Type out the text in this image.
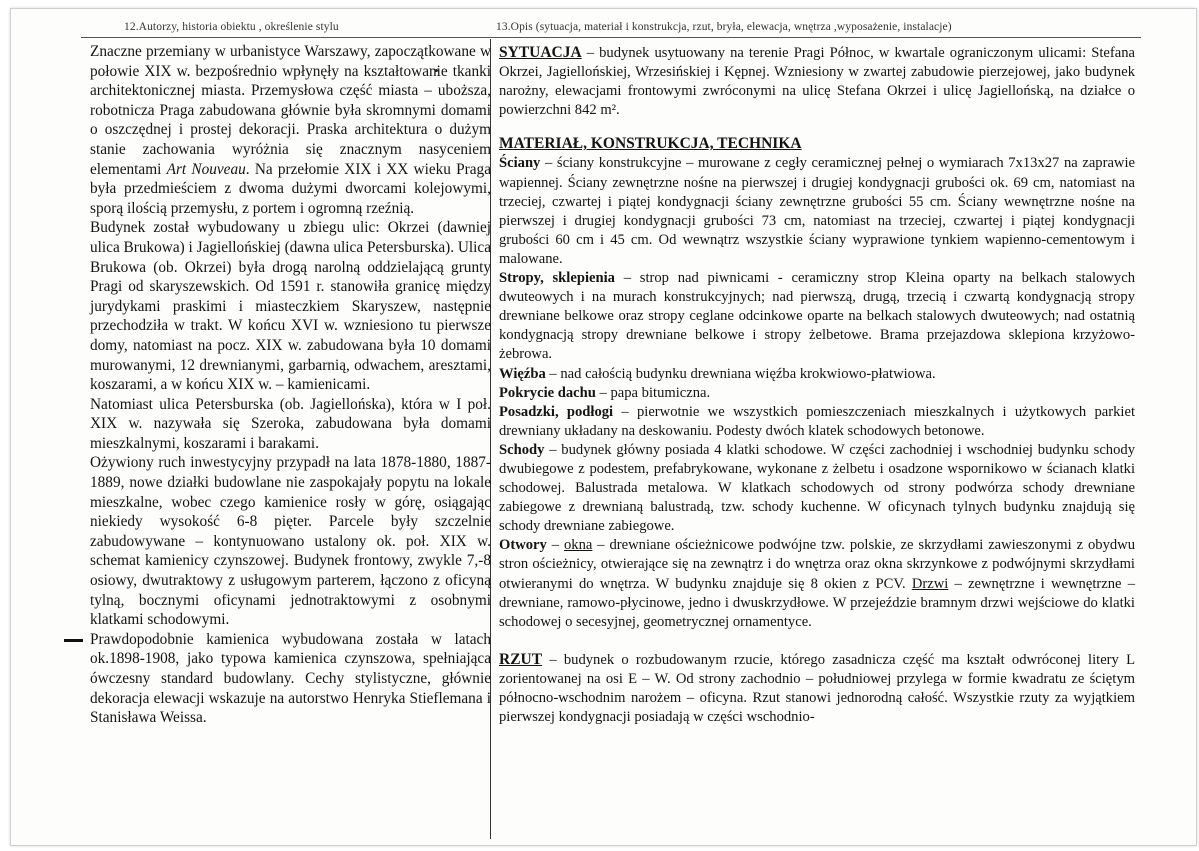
12.Autorzy, historia obiektu , określenie stylu	13.Opis (sytuacja, materiał i konstrukcja, rzut, bryła, elewacja, wnętrza ,wyposażenie, instalacje)

Znaczne przemiany w urbanistyce Warszawy, zapoczątkowane w połowie XIX w. bezpośrednio wpłynęły na kształtowanie tkanki architektonicznej miasta. Przemysłowa część miasta – uboższa, robotnicza Praga zabudowana głównie była skromnymi domami o oszczędnej i prostej dekoracji. Praska architektura o dużym stanie zachowania wyróżnia się znacznym nasyceniem elementami Art Nouveau. Na przełomie XIX i XX wieku Praga była przedmieściem z dwoma dużymi dworcami kolejowymi, sporą ilością przemysłu, z portem i ogromną rzeźnią.

Budynek został wybudowany u zbiegu ulic: Okrzei (dawniej ulica Brukowa) i Jagiellońskiej (dawna ulica Petersburska). Ulica Brukowa (ob. Okrzei) była drogą narolną oddzielającą grunty Pragi od skaryszewskich. Od 1591 r. stanowiła granicę między jurydykami praskimi i miasteczkiem Skaryszew, następnie przechodziła w trakt. W końcu XVI w. wzniesiono tu pierwsze domy, natomiast na pocz. XIX w. zabudowana była 10 domami murowanymi, 12 drewnianymi, garbarnią, odwachem, aresztami, koszarami, a w końcu XIX w. – kamienicami.

Natomiast ulica Petersburska (ob. Jagiellońska), która w I poł. XIX w. nazywała się Szeroka, zabudowana była domami mieszkalnymi, koszarami i barakami.

Ożywiony ruch inwestycyjny przypadł na lata 1878-1880, 1887-1889, nowe działki budowlane nie zaspokajały popytu na lokale mieszkalne, wobec czego kamienice rosły w górę, osiągając niekiedy wysokość 6-8 pięter. Parcele były szczelnie zabudowywane – kontynuowano ustalony ok. poł. XIX w. schemat kamienicy czynszowej. Budynek frontowy, zwykle 7,-8 osiowy, dwutraktowy z usługowym parterem, łączono z oficyną tylną, bocznymi oficynami jednotraktowymi z osobnymi klatkami schodowymi.

Prawdopodobnie kamienica wybudowana została w latach ok.1898-1908, jako typowa kamienica czynszowa, spełniająca ówczesny standard budowlany. Cechy stylistyczne, głównie dekoracja elewacji wskazuje na autorstwo Henryka Stieflemana i Stanisława Weissa.

SYTUACJA – budynek usytuowany na terenie Pragi Północ, w kwartale ograniczonym ulicami: Stefana Okrzei, Jagiellońskiej, Wrzesińskiej i Kępnej. Wzniesiony w zwartej zabudowie pierzejowej, jako budynek narożny, elewacjami frontowymi zwróconymi na ulicę Stefana Okrzei i ulicę Jagiellońską, na działce o powierzchni 842 m².

MATERIAŁ, KONSTRUKCJA, TECHNIKA

Ściany – ściany konstrukcyjne – murowane z cegły ceramicznej pełnej o wymiarach 7x13x27 na zaprawie wapiennej. Ściany zewnętrzne nośne na pierwszej i drugiej kondygnacji grubości ok. 69 cm, natomiast na trzeciej, czwartej i piątej kondygnacji ściany zewnętrzne grubości 55 cm. Ściany wewnętrzne nośne na pierwszej i drugiej kondygnacji grubości 73 cm, natomiast na trzeciej, czwartej i piątej kondygnacji grubości 60 cm i 45 cm. Od wewnątrz wszystkie ściany wyprawione tynkiem wapienno-cementowym i malowane.

Stropy, sklepienia – strop nad piwnicami - ceramiczny strop Kleina oparty na belkach stalowych dwuteowych i na murach konstrukcyjnych; nad pierwszą, drugą, trzecią i czwartą kondygnacją stropy drewniane belkowe oraz stropy ceglane odcinkowe oparte na belkach stalowych dwuteowych; nad ostatnią kondygnacją stropy drewniane belkowe i stropy żelbetowe. Brama przejazdowa sklepiona krzyżowo-żebrowa.

Więźba – nad całością budynku drewniana więźba krokwiowo-płatwiowa.

Pokrycie dachu – papa bitumiczna.

Posadzki, podłogi – pierwotnie we wszystkich pomieszczeniach mieszkalnych i użytkowych parkiet drewniany układany na deskowaniu. Podesty dwóch klatek schodowych betonowe.

Schody – budynek główny posiada 4 klatki schodowe. W części zachodniej i wschodniej budynku schody dwubiegowe z podestem, prefabrykowane, wykonane z żelbetu i osadzone wspornikowo w ścianach klatki schodowej. Balustrada metalowa. W klatkach schodowych od strony podwórza schody drewniane zabiegowe z drewnianą balustradą, tzw. schody kuchenne. W oficynach tylnych budynku znajdują się schody drewniane zabiegowe.

Otwory – okna – drewniane ościeżnicowe podwójne tzw. polskie, ze skrzydłami zawieszonymi z obydwu stron ościeżnicy, otwierające się na zewnątrz i do wnętrza oraz okna skrzynkowe z podwójnymi skrzydłami otwieranymi do wnętrza. W budynku znajduje się 8 okien z PCV. Drzwi – zewnętrzne i wewnętrzne – drewniane, ramowo-płycinowe, jedno i dwuskrzydłowe. W przejeździe bramnym drzwi wejściowe do klatki schodowej o secesyjnej, geometrycznej ornamentyce.

RZUT – budynek o rozbudowanym rzucie, którego zasadnicza część ma kształt odwróconej litery L zorientowanej na osi E – W. Od strony zachodnio – południowej przylega w formie kwadratu ze ściętym północno-wschodnim narożem – oficyna. Rzut stanowi jednorodną całość. Wszystkie rzuty za wyjątkiem pierwszej kondygnacji posiadają w części wschodnio-
